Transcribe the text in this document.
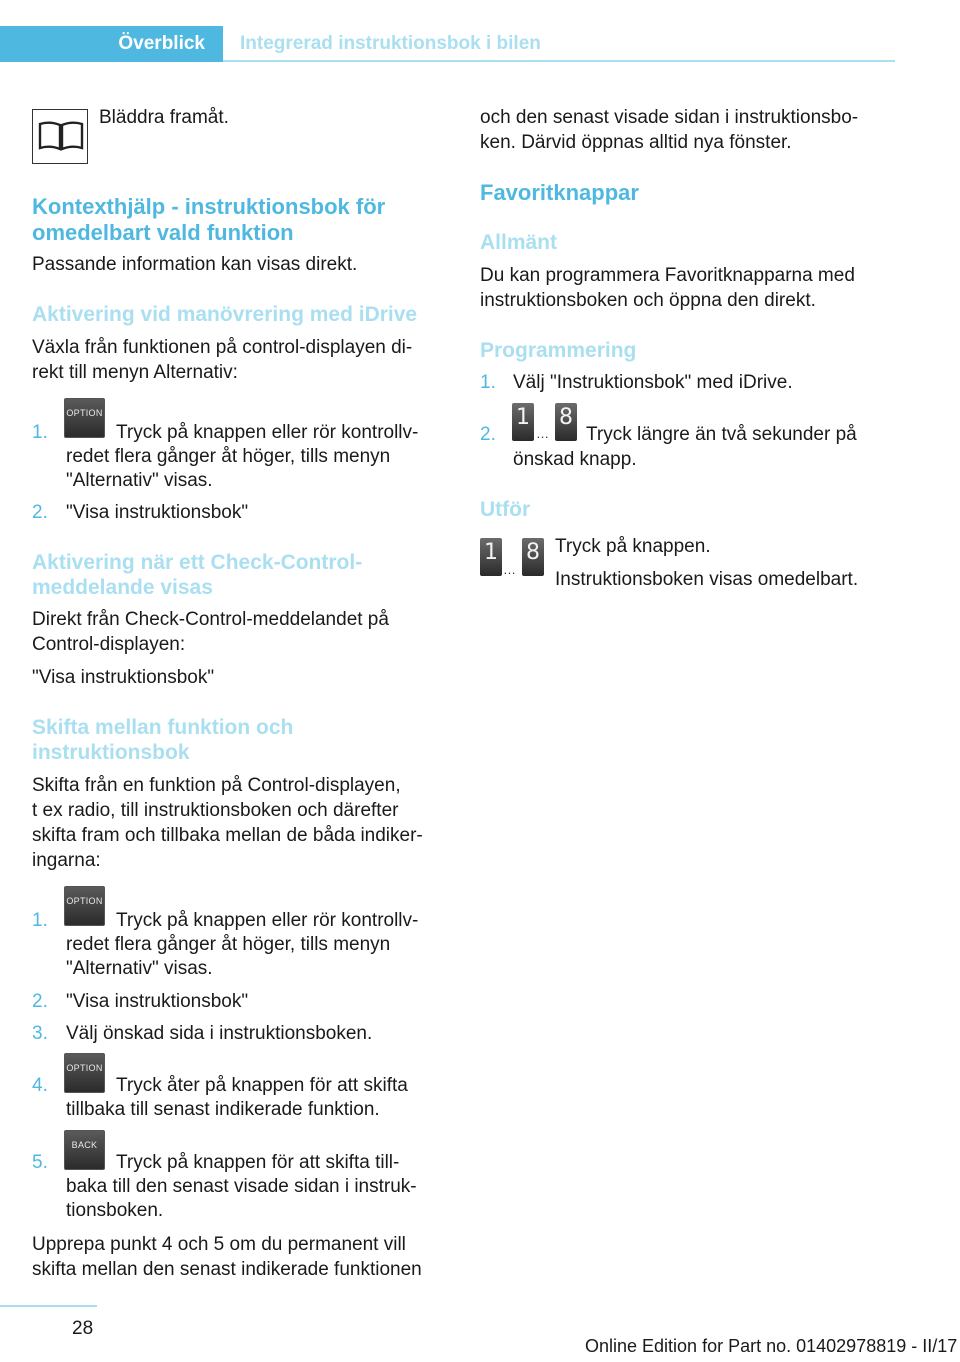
Överblick Integrerad instruktionsbok i bilen
Bläddra framåt.
Kontexthjälp - instruktionsbok för
omedelbart vald funktion
Passande information kan visas direkt.
Aktivering vid manövrering med iDrive
Växla från funktionen på control-displayen di-
rekt till menyn Alternativ:
1.
OPTION
Tryck på knappen eller rör kontrollv-
redet flera gånger åt höger, tills menyn
"Alternativ" visas.
2. "Visa instruktionsbok"
Aktivering när ett Check-Control-
meddelande visas
Direkt från Check-Control-meddelandet på
Control-displayen:
"Visa instruktionsbok"
Skifta mellan funktion och
instruktionsbok
Skifta från en funktion på Control-displayen,
t ex radio, till instruktionsboken och därefter
skifta fram och tillbaka mellan de båda indiker-
ingarna:
1.
OPTION
Tryck på knappen eller rör kontrollv-
redet flera gånger åt höger, tills menyn
"Alternativ" visas.
2. "Visa instruktionsbok"
3. Välj önskad sida i instruktionsboken.
4.
OPTION
Tryck åter på knappen för att skifta
tillbaka till senast indikerade funktion.
5.
BACK
Tryck på knappen för att skifta till-
baka till den senast visade sidan i instruk-
tionsboken.
Upprepa punkt 4 och 5 om du permanent vill
skifta mellan den senast indikerade funktionen
och den senast visade sidan i instruktionsbo-
ken. Därvid öppnas alltid nya fönster.
Favoritknappar
Allmänt
Du kan programmera Favoritknapparna med
instruktionsboken och öppna den direkt.
Programmering
1. Välj "Instruktionsbok" med iDrive.
2.
1
…
8
Tryck längre än två sekunder på
önskad knapp.
Utför
1
…
8 Tryck på knappen.
Instruktionsboken visas omedelbart.
28
Online Edition for Part no. 01402978819 - II/17
